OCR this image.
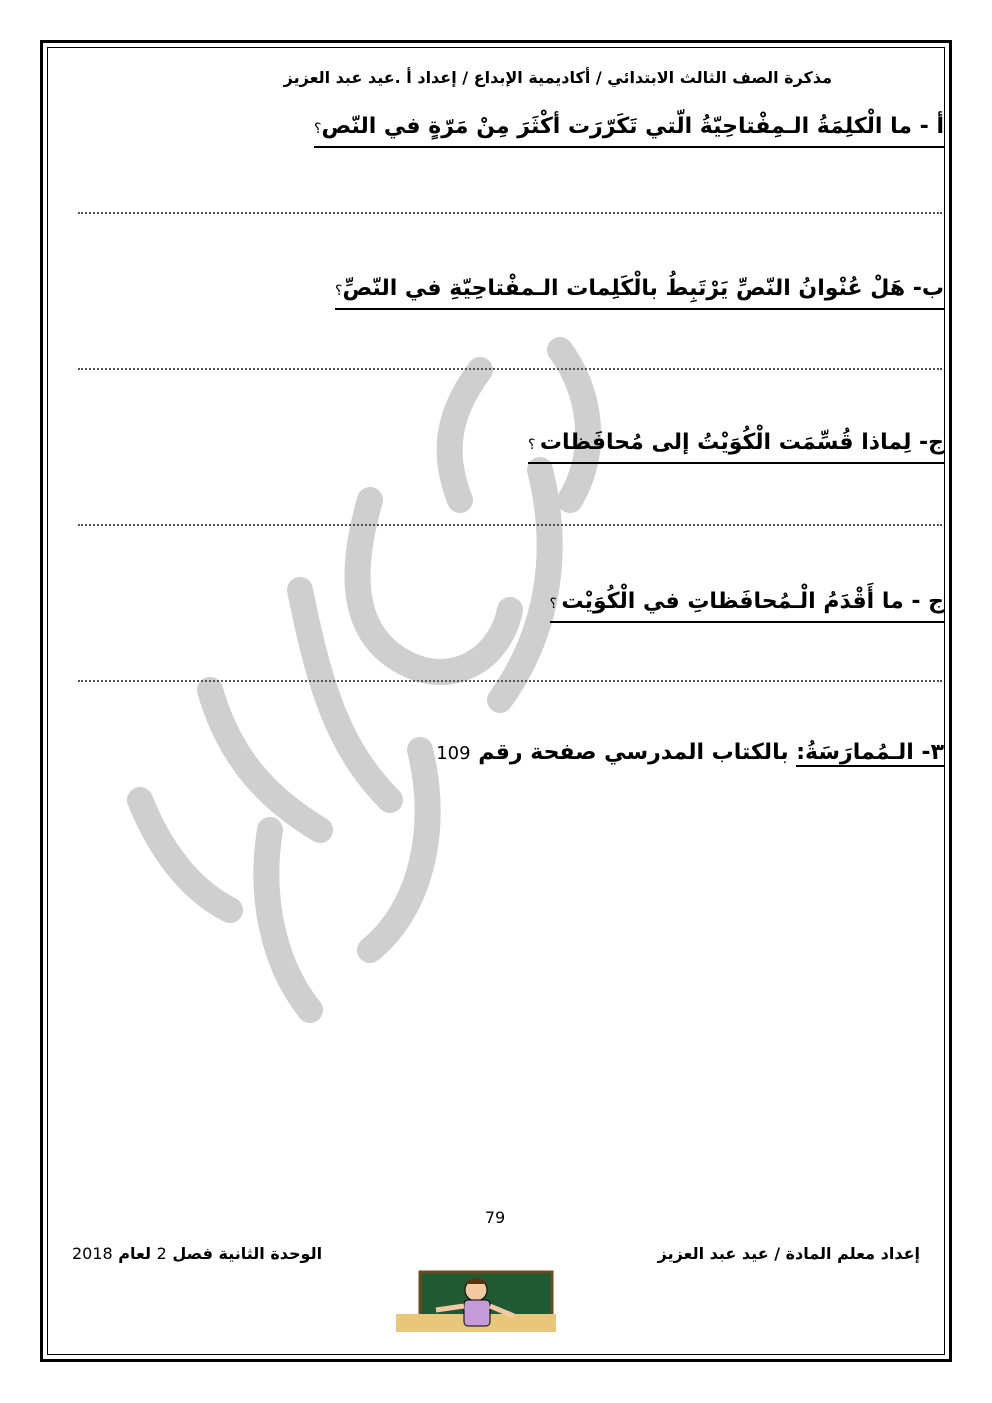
مذكرة الصف الثالث الابتدائي / أكاديمية الإبداع / إعداد أ .عيد عبد العزيز
أ - ما الْكلِمَةُ الـمِفْتاحِيّةُ الّتي تَكَرّرَت أكْثَرَ مِنْ مَرّةٍ في النّص؟
ب- هَلْ عُنْوانُ النّصِّ يَرْتَبِطُ بالْكَلِمات الـمفْتاحِيّةِ في النّصِّ؟
ج- لِماذا قُسِّمَت الْكُوَيْتُ إلى مُحافَظات ؟
ج - ما أَقْدَمُ الْـمُحافَظاتِ في الْكُوَيْت ؟
٣- الـمُمارَسَةُ: بالكتاب المدرسي صفحة رقم 109
79
الوحدة الثانية فصل 2 لعام 2018	إعداد معلم المادة / عيد عبد العزيز
